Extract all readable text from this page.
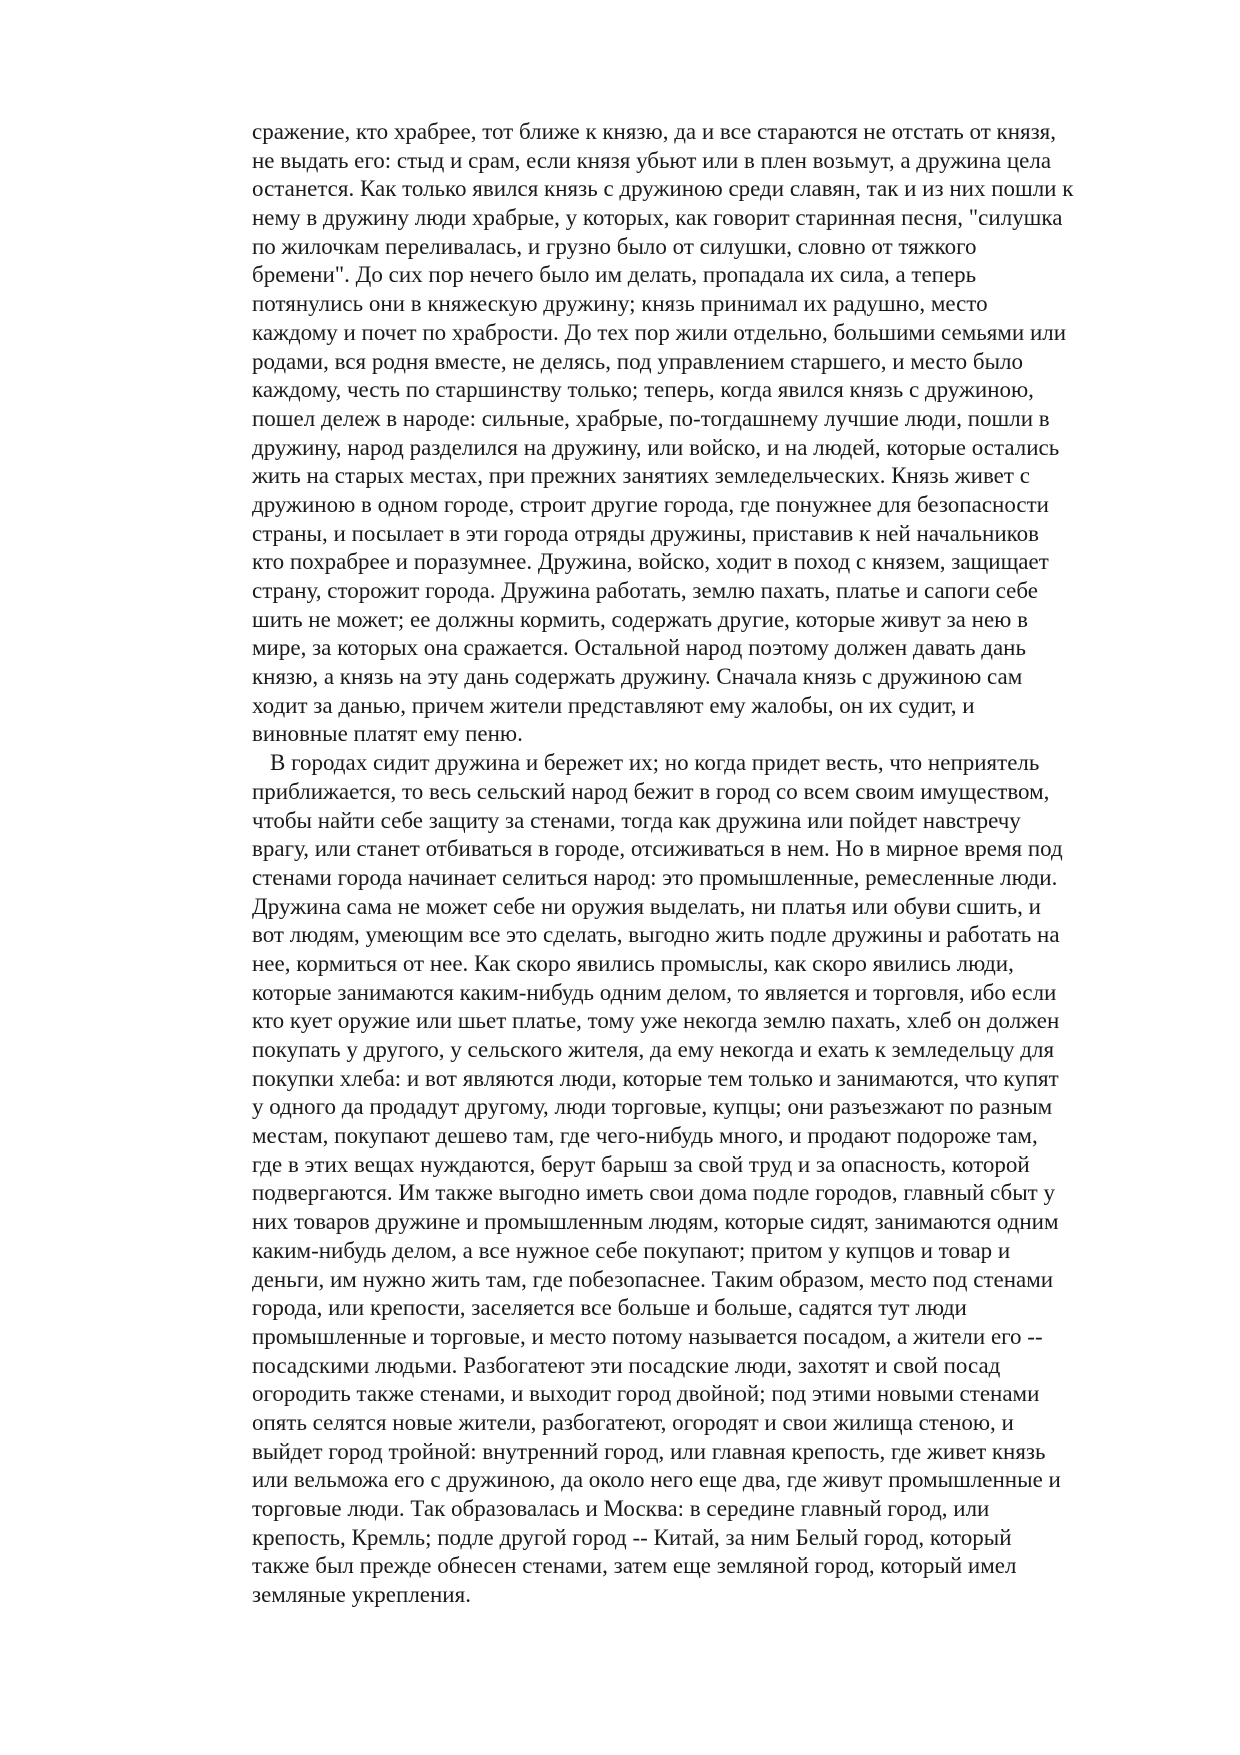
сражение, кто храбрее, тот ближе к князю, да и все стараются не отстать от князя,
не выдать его: стыд и срам, если князя убьют или в плен возьмут, а дружина цела
останется. Как только явился князь с дружиною среди славян, так и из них пошли к
нему в дружину люди храбрые, у которых, как говорит старинная песня, "силушка
по жилочкам переливалась, и грузно было от силушки, словно от тяжкого
бремени". До сих пор нечего было им делать, пропадала их сила, а теперь
потянулись они в княжескую дружину; князь принимал их радушно, место
каждому и почет по храбрости. До тех пор жили отдельно, большими семьями или
родами, вся родня вместе, не делясь, под управлением старшего, и место было
каждому, честь по старшинству только; теперь, когда явился князь с дружиною,
пошел дележ в народе: сильные, храбрые, по-тогдашнему лучшие люди, пошли в
дружину, народ разделился на дружину, или войско, и на людей, которые остались
жить на старых местах, при прежних занятиях земледельческих. Князь живет с
дружиною в одном городе, строит другие города, где понужнее для безопасности
страны, и посылает в эти города отряды дружины, приставив к ней начальников
кто похрабрее и поразумнее. Дружина, войско, ходит в поход с князем, защищает
страну, сторожит города. Дружина работать, землю пахать, платье и сапоги себе
шить не может; ее должны кормить, содержать другие, которые живут за нею в
мире, за которых она сражается. Остальной народ поэтому должен давать дань
князю, а князь на эту дань содержать дружину. Сначала князь с дружиною сам
ходит за данью, причем жители представляют ему жалобы, он их судит, и
виновные платят ему пеню.
В городах сидит дружина и бережет их; но когда придет весть, что неприятель
приближается, то весь сельский народ бежит в город со всем своим имуществом,
чтобы найти себе защиту за стенами, тогда как дружина или пойдет навстречу
врагу, или станет отбиваться в городе, отсиживаться в нем. Но в мирное время под
стенами города начинает селиться народ: это промышленные, ремесленные люди.
Дружина сама не может себе ни оружия выделать, ни платья или обуви сшить, и
вот людям, умеющим все это сделать, выгодно жить подле дружины и работать на
нее, кормиться от нее. Как скоро явились промыслы, как скоро явились люди,
которые занимаются каким-нибудь одним делом, то является и торговля, ибо если
кто кует оружие или шьет платье, тому уже некогда землю пахать, хлеб он должен
покупать у другого, у сельского жителя, да ему некогда и ехать к земледельцу для
покупки хлеба: и вот являются люди, которые тем только и занимаются, что купят
у одного да продадут другому, люди торговые, купцы; они разъезжают по разным
местам, покупают дешево там, где чего-нибудь много, и продают подороже там,
где в этих вещах нуждаются, берут барыш за свой труд и за опасность, которой
подвергаются. Им также выгодно иметь свои дома подле городов, главный сбыт у
них товаров дружине и промышленным людям, которые сидят, занимаются одним
каким-нибудь делом, а все нужное себе покупают; притом у купцов и товар и
деньги, им нужно жить там, где побезопаснее. Таким образом, место под стенами
города, или крепости, заселяется все больше и больше, садятся тут люди
промышленные и торговые, и место потому называется посадом, а жители его --
посадскими людьми. Разбогатеют эти посадские люди, захотят и свой посад
огородить также стенами, и выходит город двойной; под этими новыми стенами
опять селятся новые жители, разбогатеют, огородят и свои жилища стеною, и
выйдет город тройной: внутренний город, или главная крепость, где живет князь
или вельможа его с дружиною, да около него еще два, где живут промышленные и
торговые люди. Так образовалась и Москва: в середине главный город, или
крепость, Кремль; подле другой город -- Китай, за ним Белый город, который
также был прежде обнесен стенами, затем еще земляной город, который имел
земляные укрепления.
